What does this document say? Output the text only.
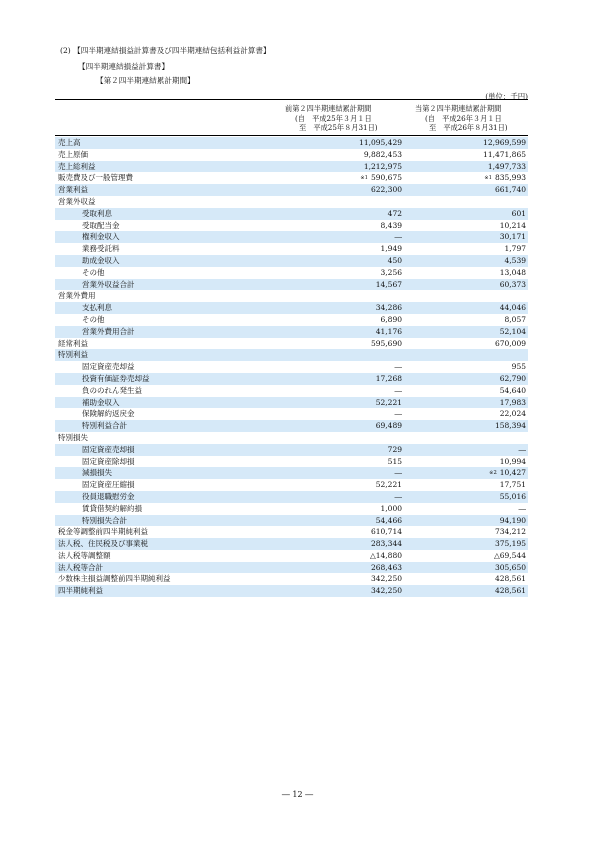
(2) 【四半期連結損益計算書及び四半期連結包括利益計算書】
【四半期連結損益計算書】
【第２四半期連結累計期間】
(単位：千円)
前第２四半期連結累計期間
(自　平成25年３月１日
至　平成25年８月31日)
当第２四半期連結累計期間
(自　平成26年３月１日
至　平成26年８月31日)
売上高	11,095,429	12,969,599
売上原価	9,882,453	11,471,865
売上総利益	1,212,975	1,497,733
販売費及び一般管理費	※1 590,675	※1 835,993
営業利益	622,300	661,740
営業外収益
受取利息	472	601
受取配当金	8,439	10,214
権利金収入	―	30,171
業務受託料	1,949	1,797
助成金収入	450	4,539
その他	3,256	13,048
営業外収益合計	14,567	60,373
営業外費用
支払利息	34,286	44,046
その他	6,890	8,057
営業外費用合計	41,176	52,104
経常利益	595,690	670,009
特別利益
固定資産売却益	―	955
投資有価証券売却益	17,268	62,790
負ののれん発生益	―	54,640
補助金収入	52,221	17,983
保険解約返戻金	―	22,024
特別利益合計	69,489	158,394
特別損失
固定資産売却損	729	―
固定資産除却損	515	10,994
減損損失	―	※2 10,427
固定資産圧縮損	52,221	17,751
役員退職慰労金	―	55,016
賃貸借契約解約損	1,000	―
特別損失合計	54,466	94,190
税金等調整前四半期純利益	610,714	734,212
法人税、住民税及び事業税	283,344	375,195
法人税等調整額	△14,880	△69,544
法人税等合計	268,463	305,650
少数株主損益調整前四半期純利益	342,250	428,561
四半期純利益	342,250	428,561
― 12 ―
